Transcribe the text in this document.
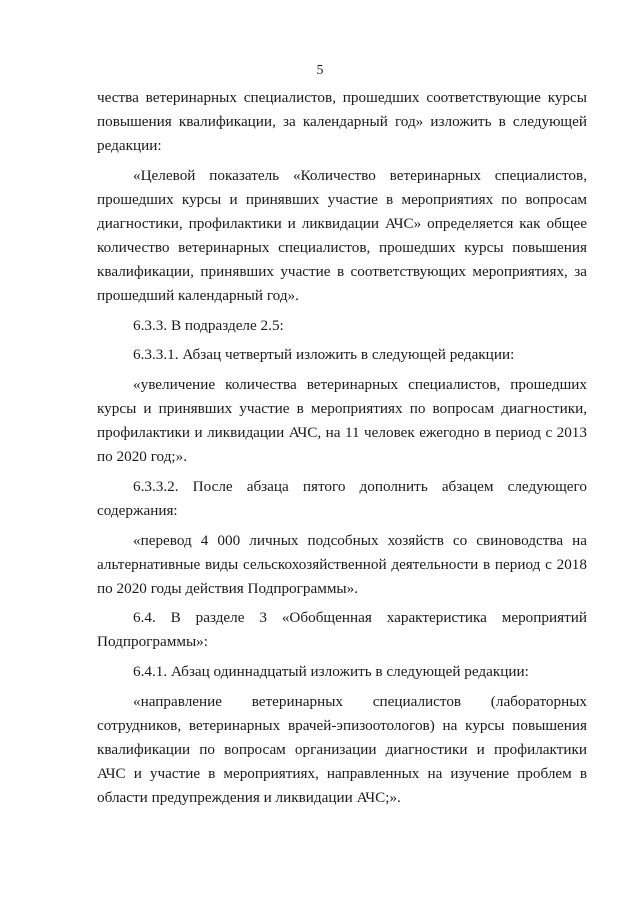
5

чества ветеринарных специалистов, прошедших соответствующие курсы повышения квалификации, за календарный год» изложить в следующей редакции:

«Целевой показатель «Количество ветеринарных специалистов, прошедших курсы и принявших участие в мероприятиях по вопросам диагностики, профилактики и ликвидации АЧС» определяется как общее количество ветеринарных специалистов, прошедших курсы повышения квалификации, принявших участие в соответствующих мероприятиях, за прошедший календарный год».

6.3.3. В подразделе 2.5:

6.3.3.1. Абзац четвертый изложить в следующей редакции:

«увеличение количества ветеринарных специалистов, прошедших курсы и принявших участие в мероприятиях по вопросам диагностики, профилактики и ликвидации АЧС, на 11 человек ежегодно в период с 2013 по 2020 год;».

6.3.3.2. После абзаца пятого дополнить абзацем следующего содержания:

«перевод 4 000 личных подсобных хозяйств со свиноводства на альтернативные виды сельскохозяйственной деятельности в период с 2018 по 2020 годы действия Подпрограммы».

6.4. В разделе 3 «Обобщенная характеристика мероприятий Подпрограммы»:

6.4.1. Абзац одиннадцатый изложить в следующей редакции:

«направление ветеринарных специалистов (лабораторных сотрудников, ветеринарных врачей-эпизоотологов) на курсы повышения квалификации по вопросам организации диагностики и профилактики АЧС и участие в мероприятиях, направленных на изучение проблем в области предупреждения и ликвидации АЧС;».
